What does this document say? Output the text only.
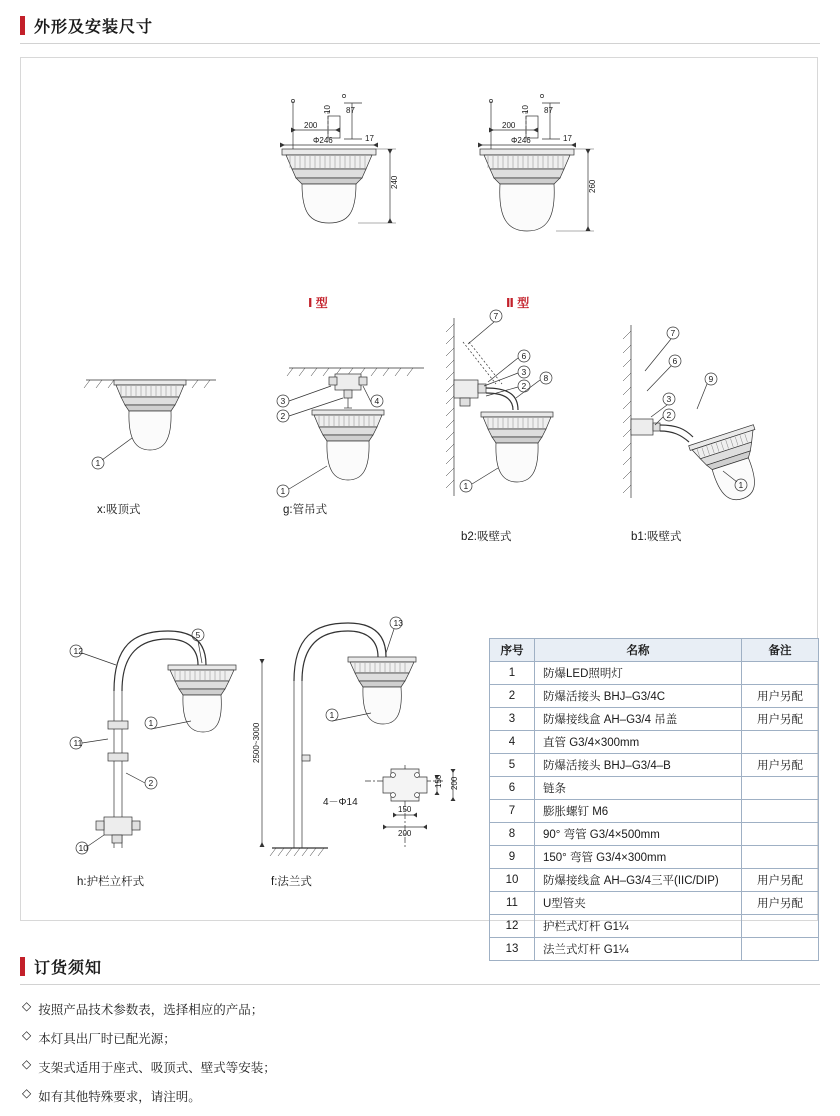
外形及安装尺寸
200
10 87
17
Φ246
240
Ⅰ 型
200
10 87
17
Φ246
260
Ⅱ 型
1
x:吸顶式
3
2
4
1
g:管吊式
7
6
3
2
8
1
b2:吸壁式
7
6
9
3
2
1
b1:吸壁式
12
5
11
2
10
1
h:护栏立杆式
2500~3000
13
1
f:法兰式
150 200
150
200
4－Φ14
序号	名称	备注
1	防爆LED照明灯	
2	防爆活接头 BHJ–G3/4C	用户另配
3	防爆接线盒 AH–G3/4 吊盖	用户另配
4	直管 G3/4×300mm	
5	防爆活接头 BHJ–G3/4–B	用户另配
6	链条	
7	膨胀螺钉 M6	
8	90° 弯管 G3/4×500mm	
9	150° 弯管 G3/4×300mm	
10	防爆接线盒 AH–G3/4三平(IIC/DIP)	用户另配
11	U型管夹	用户另配
12	护栏式灯杆 G1¼	
13	法兰式灯杆 G1¼	
订货须知
◇ 按照产品技术参数表，选择相应的产品；
◇ 本灯具出厂时已配光源；
◇ 支架式适用于座式、吸顶式、壁式等安装；
◇ 如有其他特殊要求，请注明。
